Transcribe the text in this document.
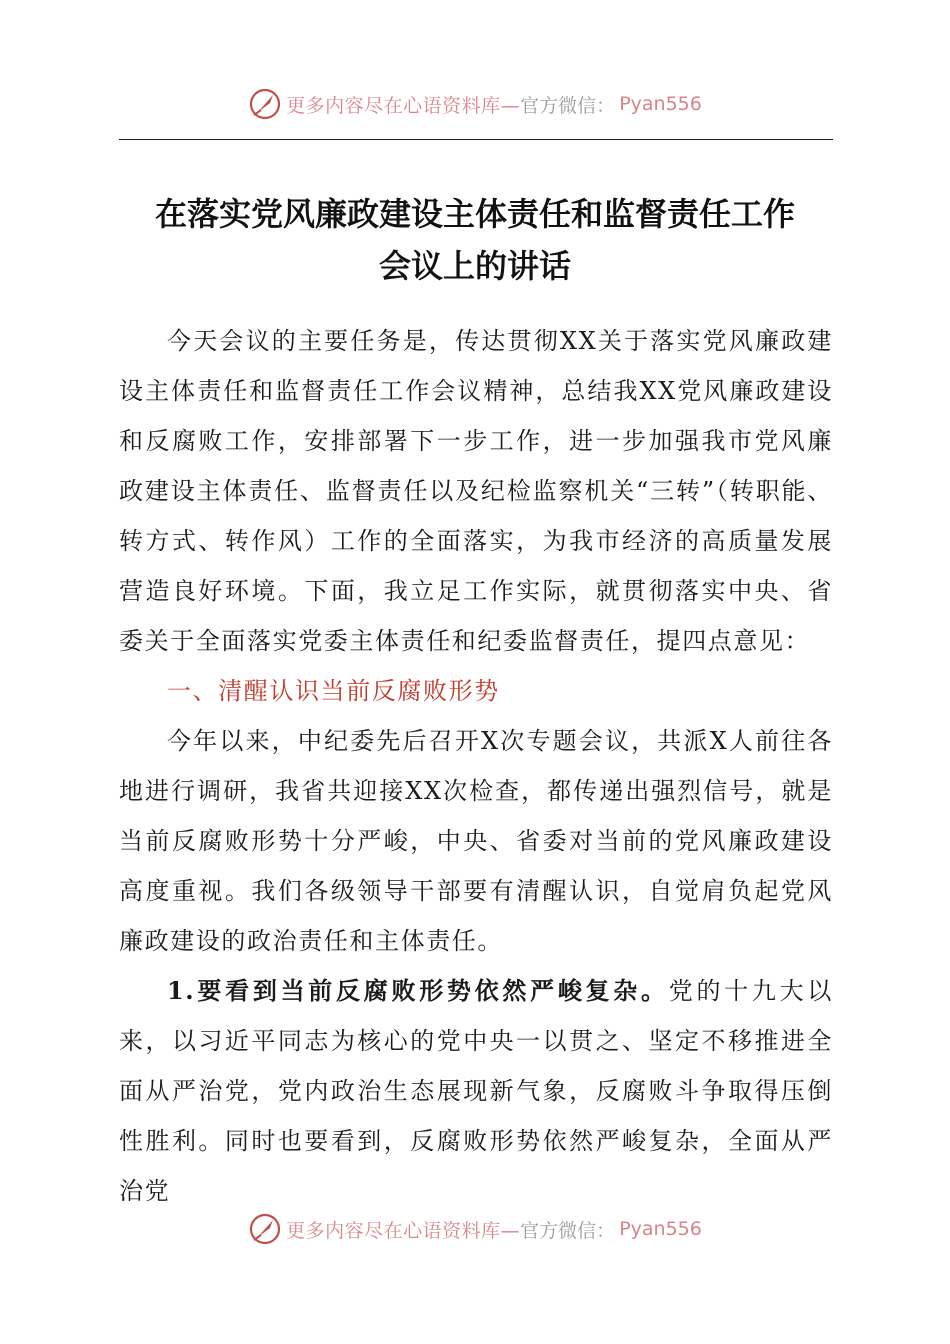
更多内容尽在心语资料库— 官方微信： Pyan556
在落实党风廉政建设主体责任和监督责任工作
会议上的讲话

今天会议的主要任务是，传达贯彻XX关于落实党风廉政建设主体责任和监督责任工作会议精神，总结我XX党风廉政建设和反腐败工作，安排部署下一步工作，进一步加强我市党风廉政建设主体责任、监督责任以及纪检监察机关“三转”（转职能、转方式、转作风）工作的全面落实，为我市经济的高质量发展营造良好环境。下面，我立足工作实际，就贯彻落实中央、省委关于全面落实党委主体责任和纪委监督责任，提四点意见：

一、清醒认识当前反腐败形势

今年以来，中纪委先后召开X次专题会议，共派X人前往各地进行调研，我省共迎接XX次检查，都传递出强烈信号，就是当前反腐败形势十分严峻，中央、省委对当前的党风廉政建设高度重视。我们各级领导干部要有清醒认识，自觉肩负起党风廉政建设的政治责任和主体责任。

1.要看到当前反腐败形势依然严峻复杂。党的十九大以来，以习近平同志为核心的党中央一以贯之、坚定不移推进全面从严治党，党内政治生态展现新气象，反腐败斗争取得压倒性胜利。同时也要看到，反腐败形势依然严峻复杂，全面从严治党

更多内容尽在心语资料库— 官方微信： Pyan556
